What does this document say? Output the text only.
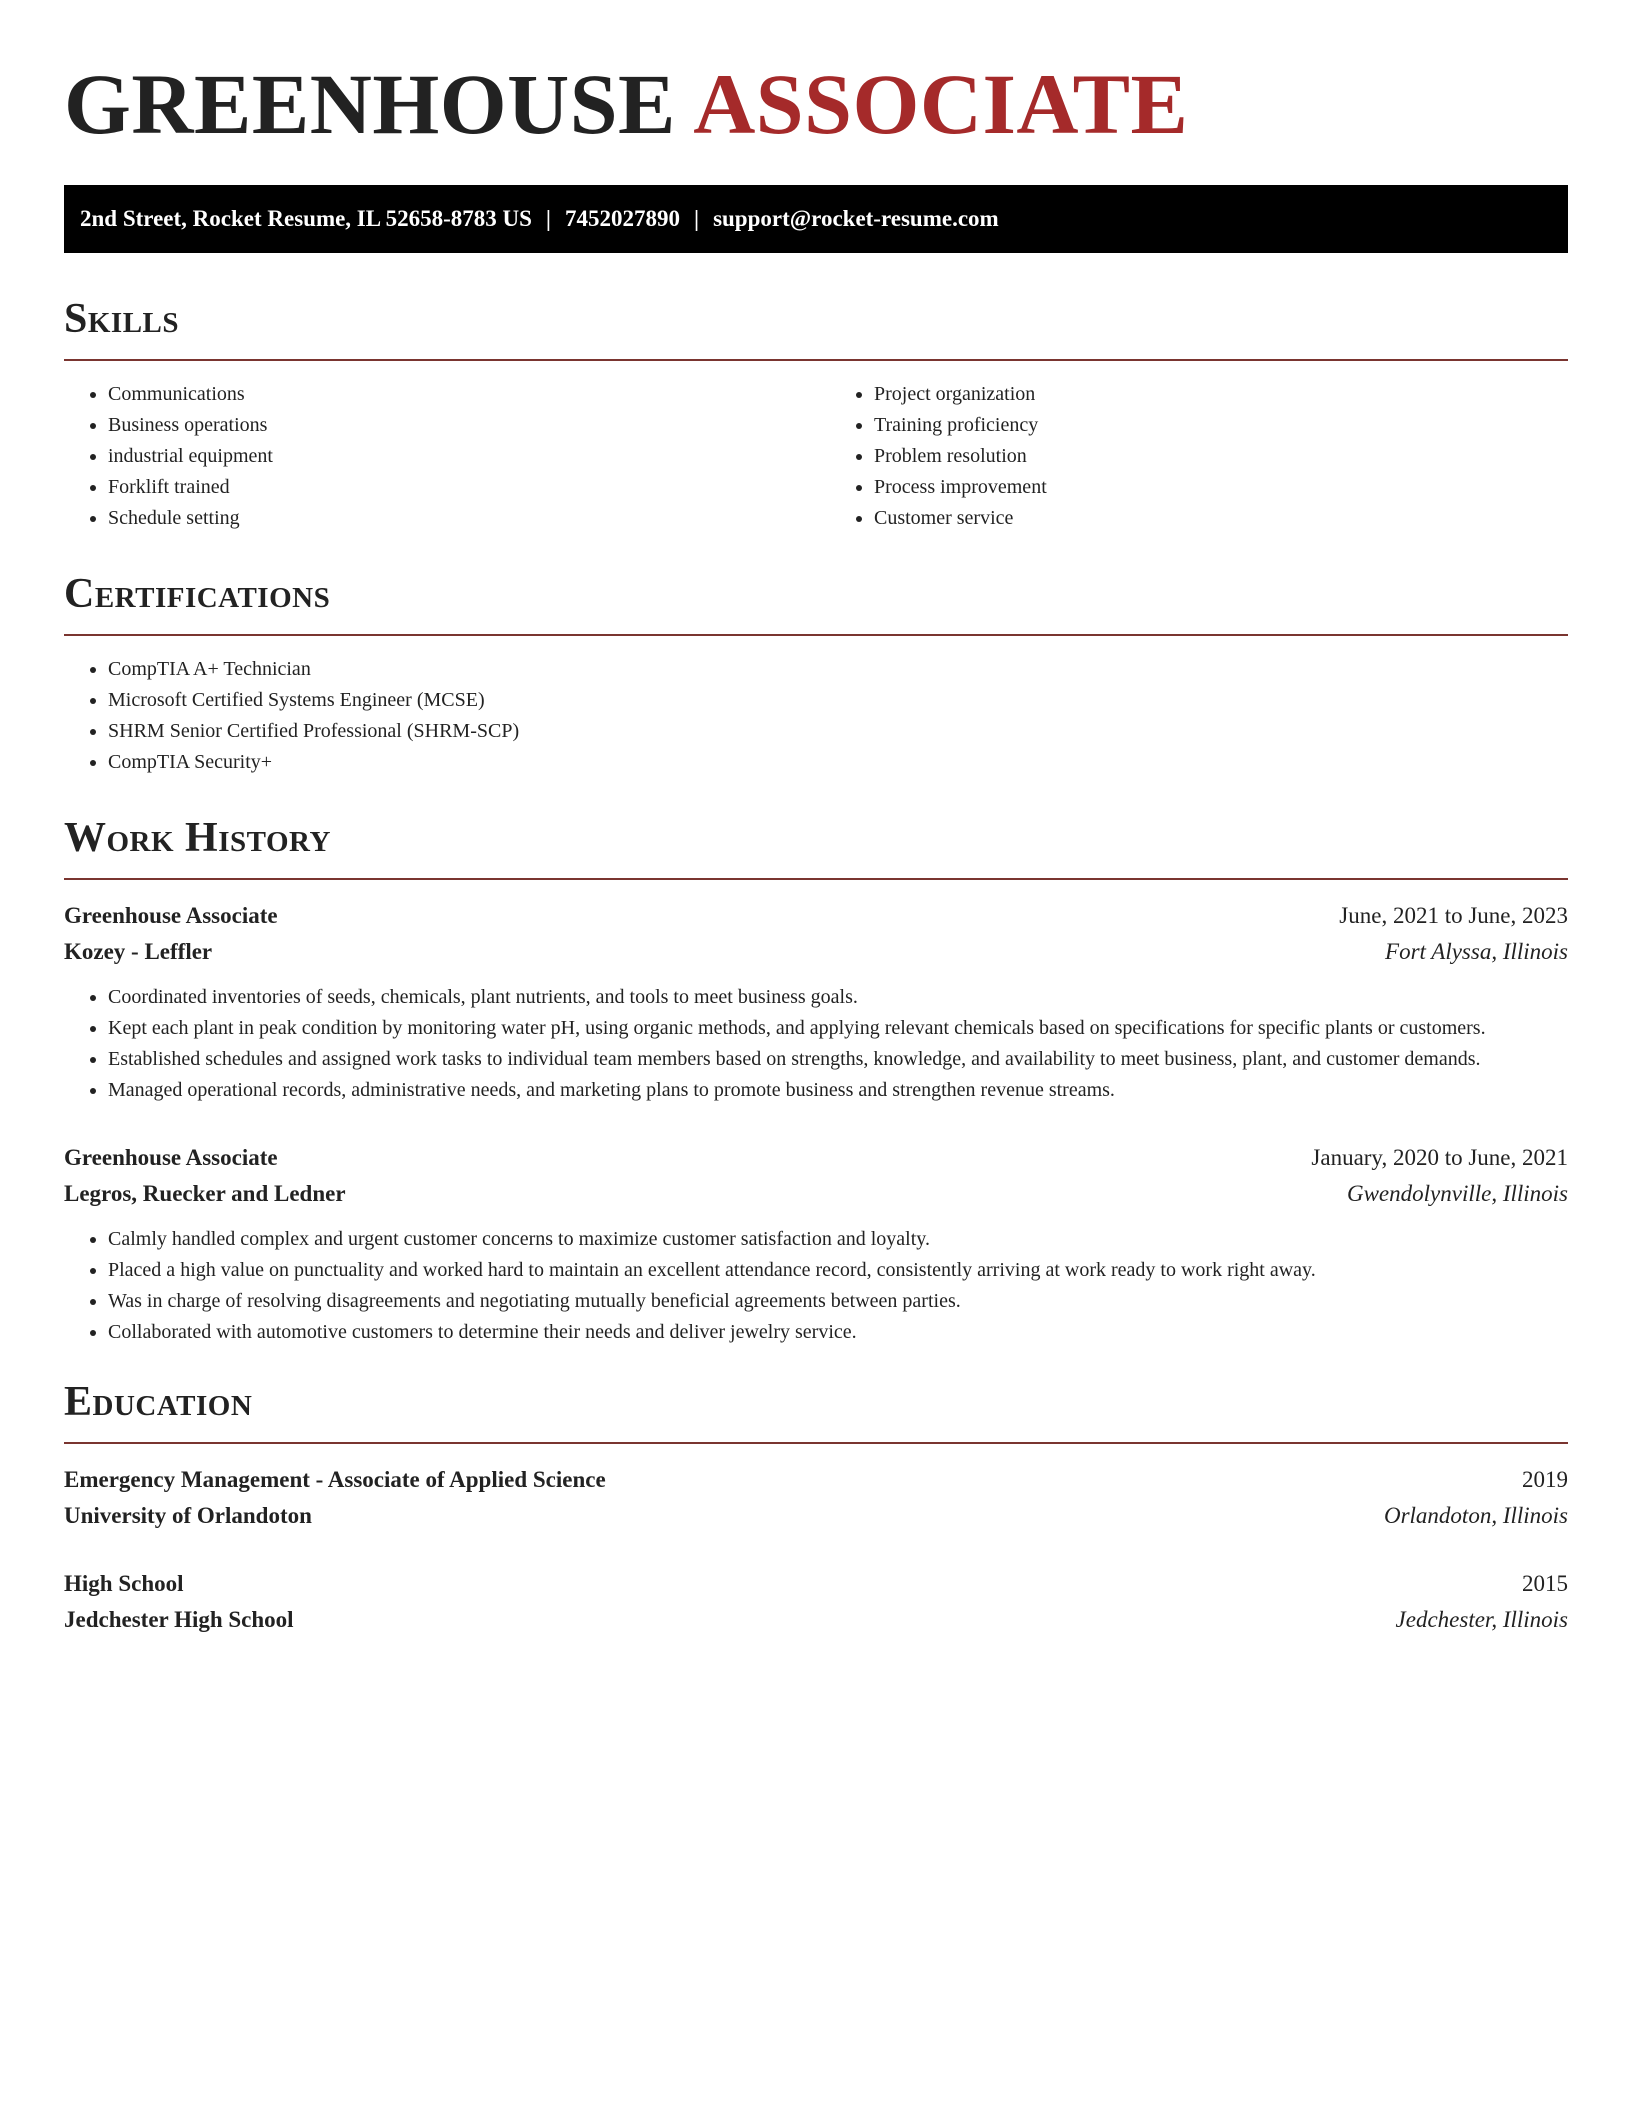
GREENHOUSE ASSOCIATE
2nd Street, Rocket Resume, IL 52658-8783 US | 7452027890 | support@rocket-resume.com
Skills
• Communications
• Business operations
• industrial equipment
• Forklift trained
• Schedule setting
• Project organization
• Training proficiency
• Problem resolution
• Process improvement
• Customer service
Certifications
• CompTIA A+ Technician
• Microsoft Certified Systems Engineer (MCSE)
• SHRM Senior Certified Professional (SHRM-SCP)
• CompTIA Security+
Work History
Greenhouse Associate	June, 2021 to June, 2023
Kozey - Leffler	Fort Alyssa, Illinois
• Coordinated inventories of seeds, chemicals, plant nutrients, and tools to meet business goals.
• Kept each plant in peak condition by monitoring water pH, using organic methods, and applying relevant chemicals based on specifications for specific plants or customers.
• Established schedules and assigned work tasks to individual team members based on strengths, knowledge, and availability to meet business, plant, and customer demands.
• Managed operational records, administrative needs, and marketing plans to promote business and strengthen revenue streams.
Greenhouse Associate	January, 2020 to June, 2021
Legros, Ruecker and Ledner	Gwendolynville, Illinois
• Calmly handled complex and urgent customer concerns to maximize customer satisfaction and loyalty.
• Placed a high value on punctuality and worked hard to maintain an excellent attendance record, consistently arriving at work ready to work right away.
• Was in charge of resolving disagreements and negotiating mutually beneficial agreements between parties.
• Collaborated with automotive customers to determine their needs and deliver jewelry service.
Education
Emergency Management - Associate of Applied Science	2019
University of Orlandoton	Orlandoton, Illinois
High School	2015
Jedchester High School	Jedchester, Illinois
